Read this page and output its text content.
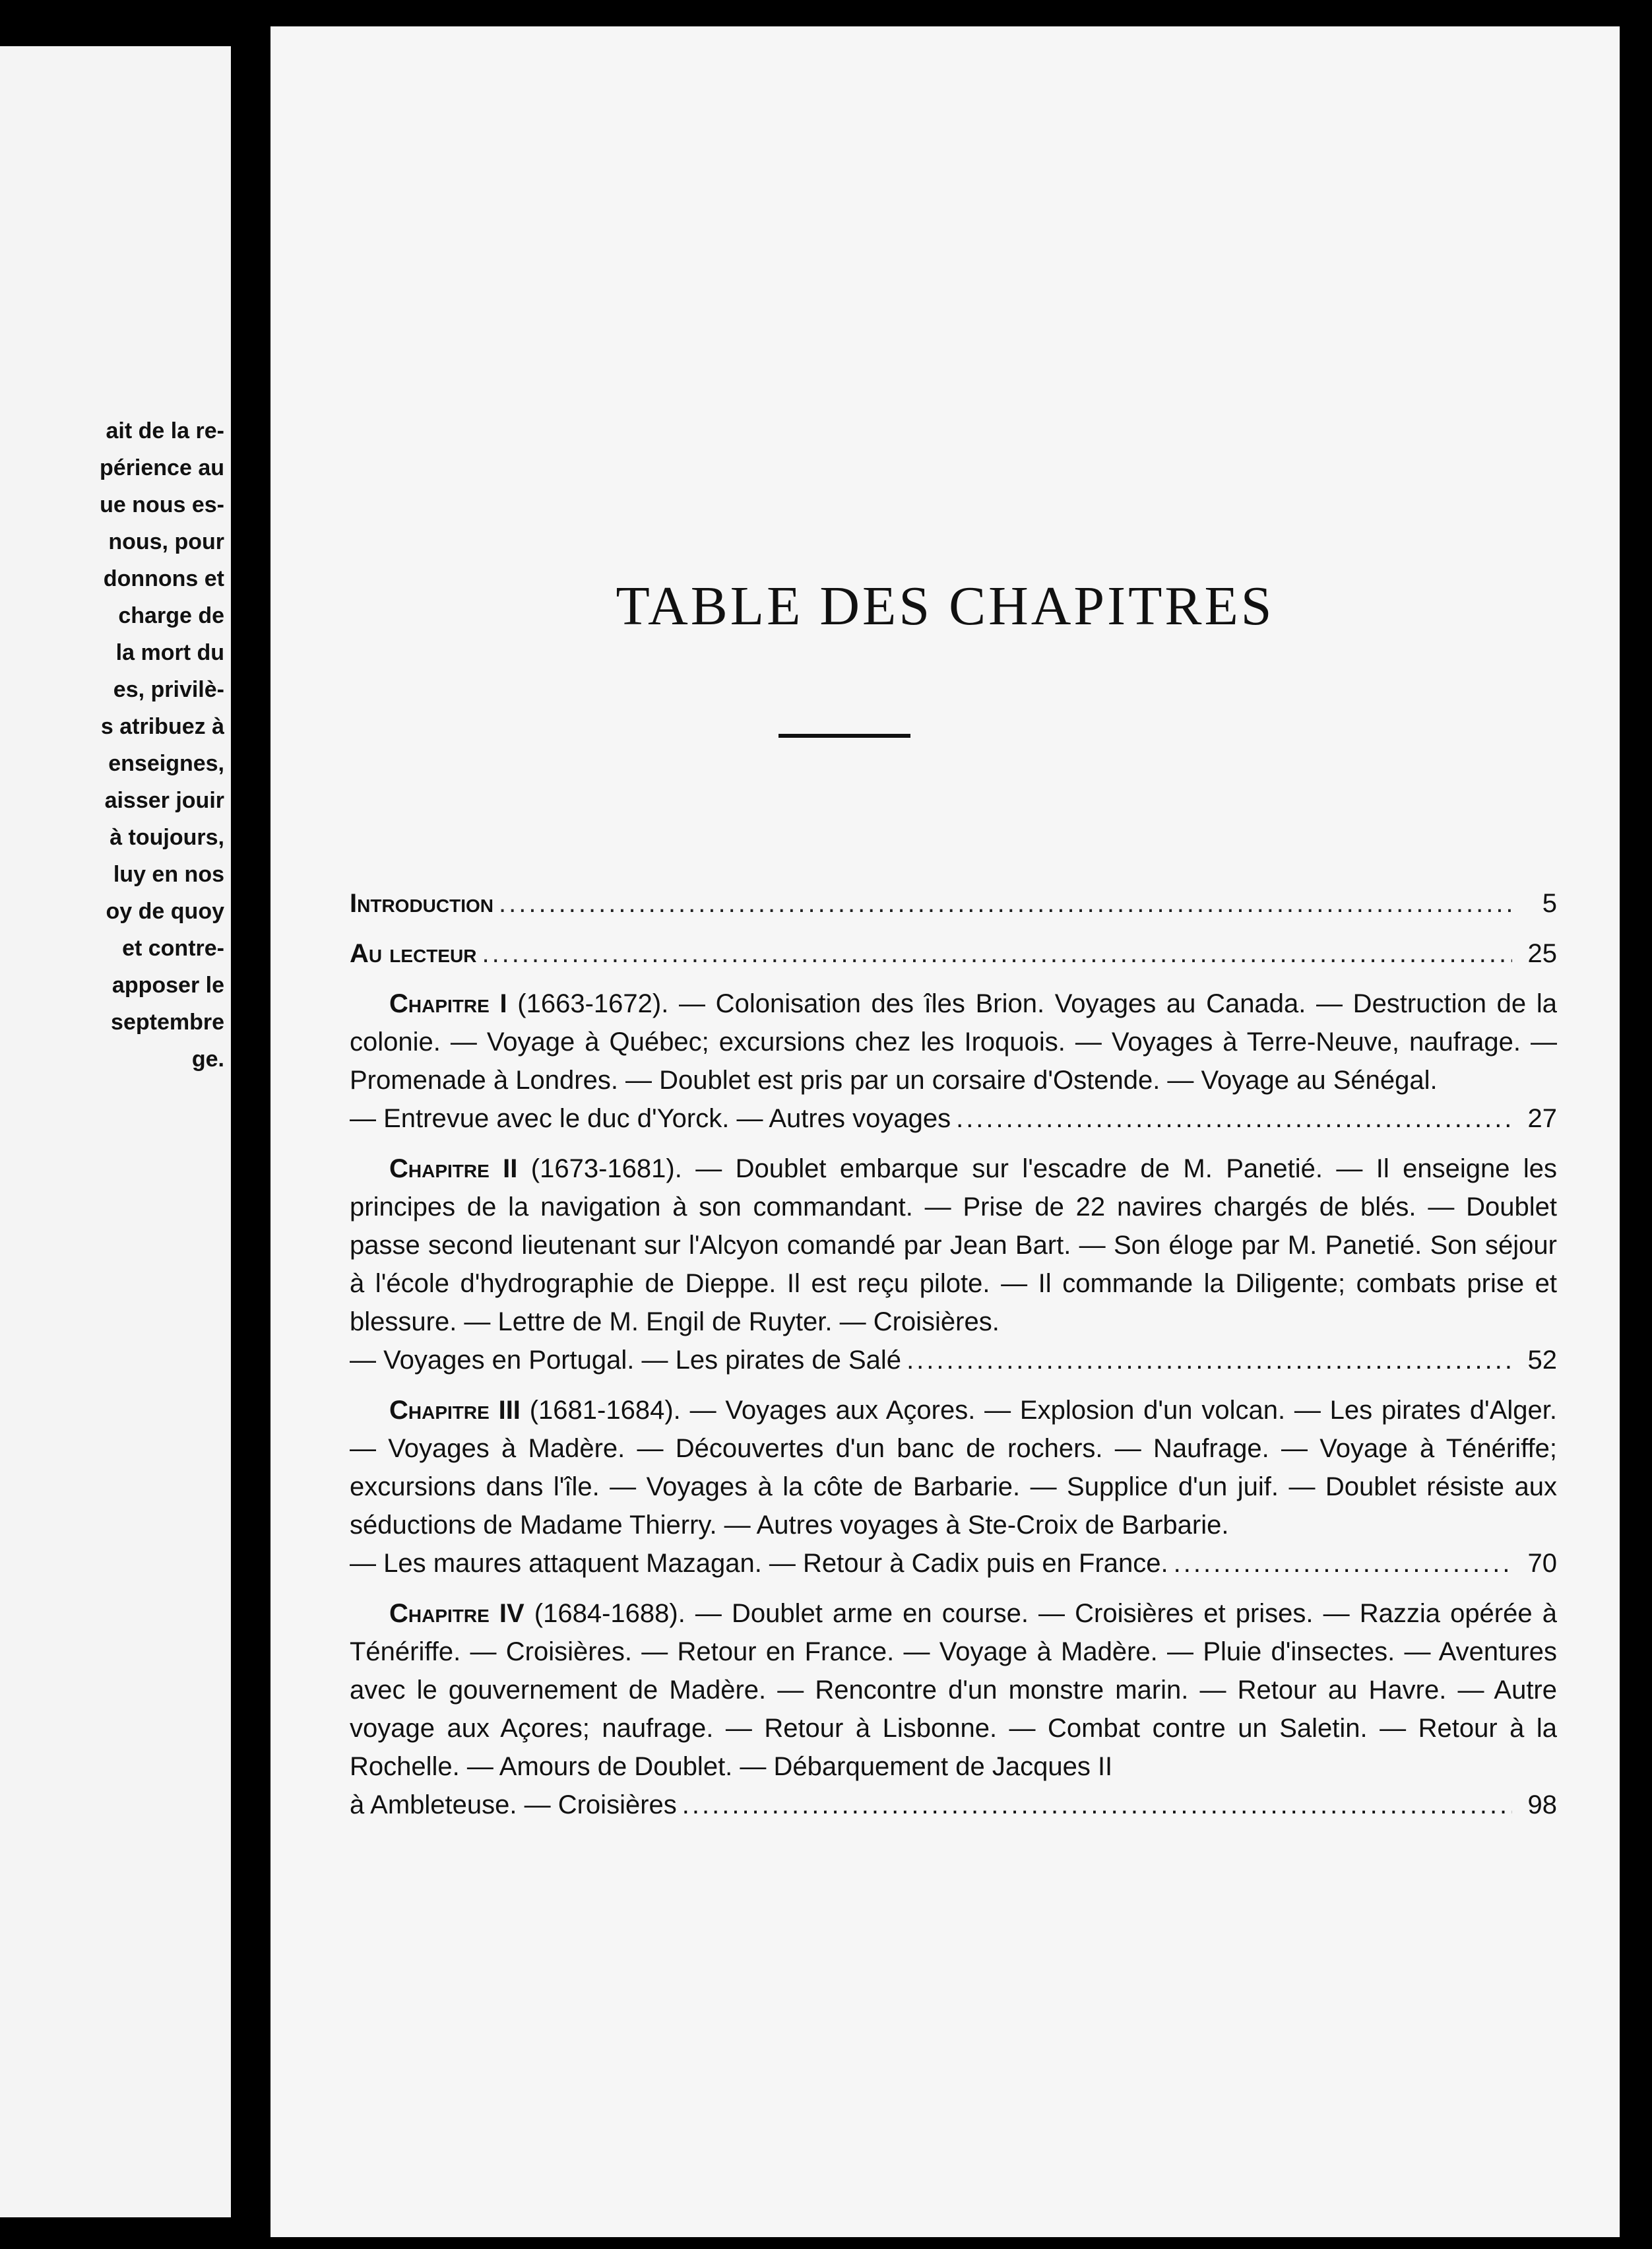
ait de la re-
périence au
ue nous es-
nous, pour
donnons et
charge de
la mort du
es, privilè-
s atribuez à
enseignes,
aisser jouir
à toujours,
luy en nos
oy de quoy
et contre-
apposer le
septembre
ge.
TABLE DES CHAPITRES
Introduction .....	5
Au lecteur .....	25

Chapitre I (1663-1672). — Colonisation des îles Brion. Voyages au Canada. — Destruction de la colonie. — Voyage à Québec; excursions chez les Iroquois. — Voyages à Terre-Neuve, naufrage. — Promenade à Londres. — Doublet est pris par un corsaire d'Ostende. — Voyage au Sénégal.

— Entrevue avec le duc d'Yorck. — Autres voyages .....	27

Chapitre II (1673-1681). — Doublet embarque sur l'escadre de M. Panetié. — Il enseigne les principes de la navigation à son commandant. — Prise de 22 navires chargés de blés. — Doublet passe second lieutenant sur l'Alcyon comandé par Jean Bart. — Son éloge par M. Panetié. Son séjour à l'école d'hydrographie de Dieppe. Il est reçu pilote. — Il commande la Diligente; combats prise et blessure. — Lettre de M. Engil de Ruyter. — Croisières.

— Voyages en Portugal. — Les pirates de Salé .....	52

Chapitre III (1681-1684). — Voyages aux Açores. — Explosion d'un volcan. — Les pirates d'Alger. — Voyages à Madère. — Découvertes d'un banc de rochers. — Naufrage. — Voyage à Ténériffe; excursions dans l'île. — Voyages à la côte de Barbarie. — Supplice d'un juif. — Doublet résiste aux séductions de Madame Thierry. — Autres voyages à Ste-Croix de Barbarie.

— Les maures attaquent Mazagan. — Retour à Cadix puis en France. .....	70

Chapitre IV (1684-1688). — Doublet arme en course. — Croisières et prises. — Razzia opérée à Ténériffe. — Croisières. — Retour en France. — Voyage à Madère. — Pluie d'insectes. — Aventures avec le gouvernement de Madère. — Rencontre d'un monstre marin. — Retour au Havre. — Autre voyage aux Açores; naufrage. — Retour à Lisbonne. — Combat contre un Saletin. — Retour à la Rochelle. — Amours de Doublet. — Débarquement de Jacques II

à Ambleteuse. — Croisières .....	98
